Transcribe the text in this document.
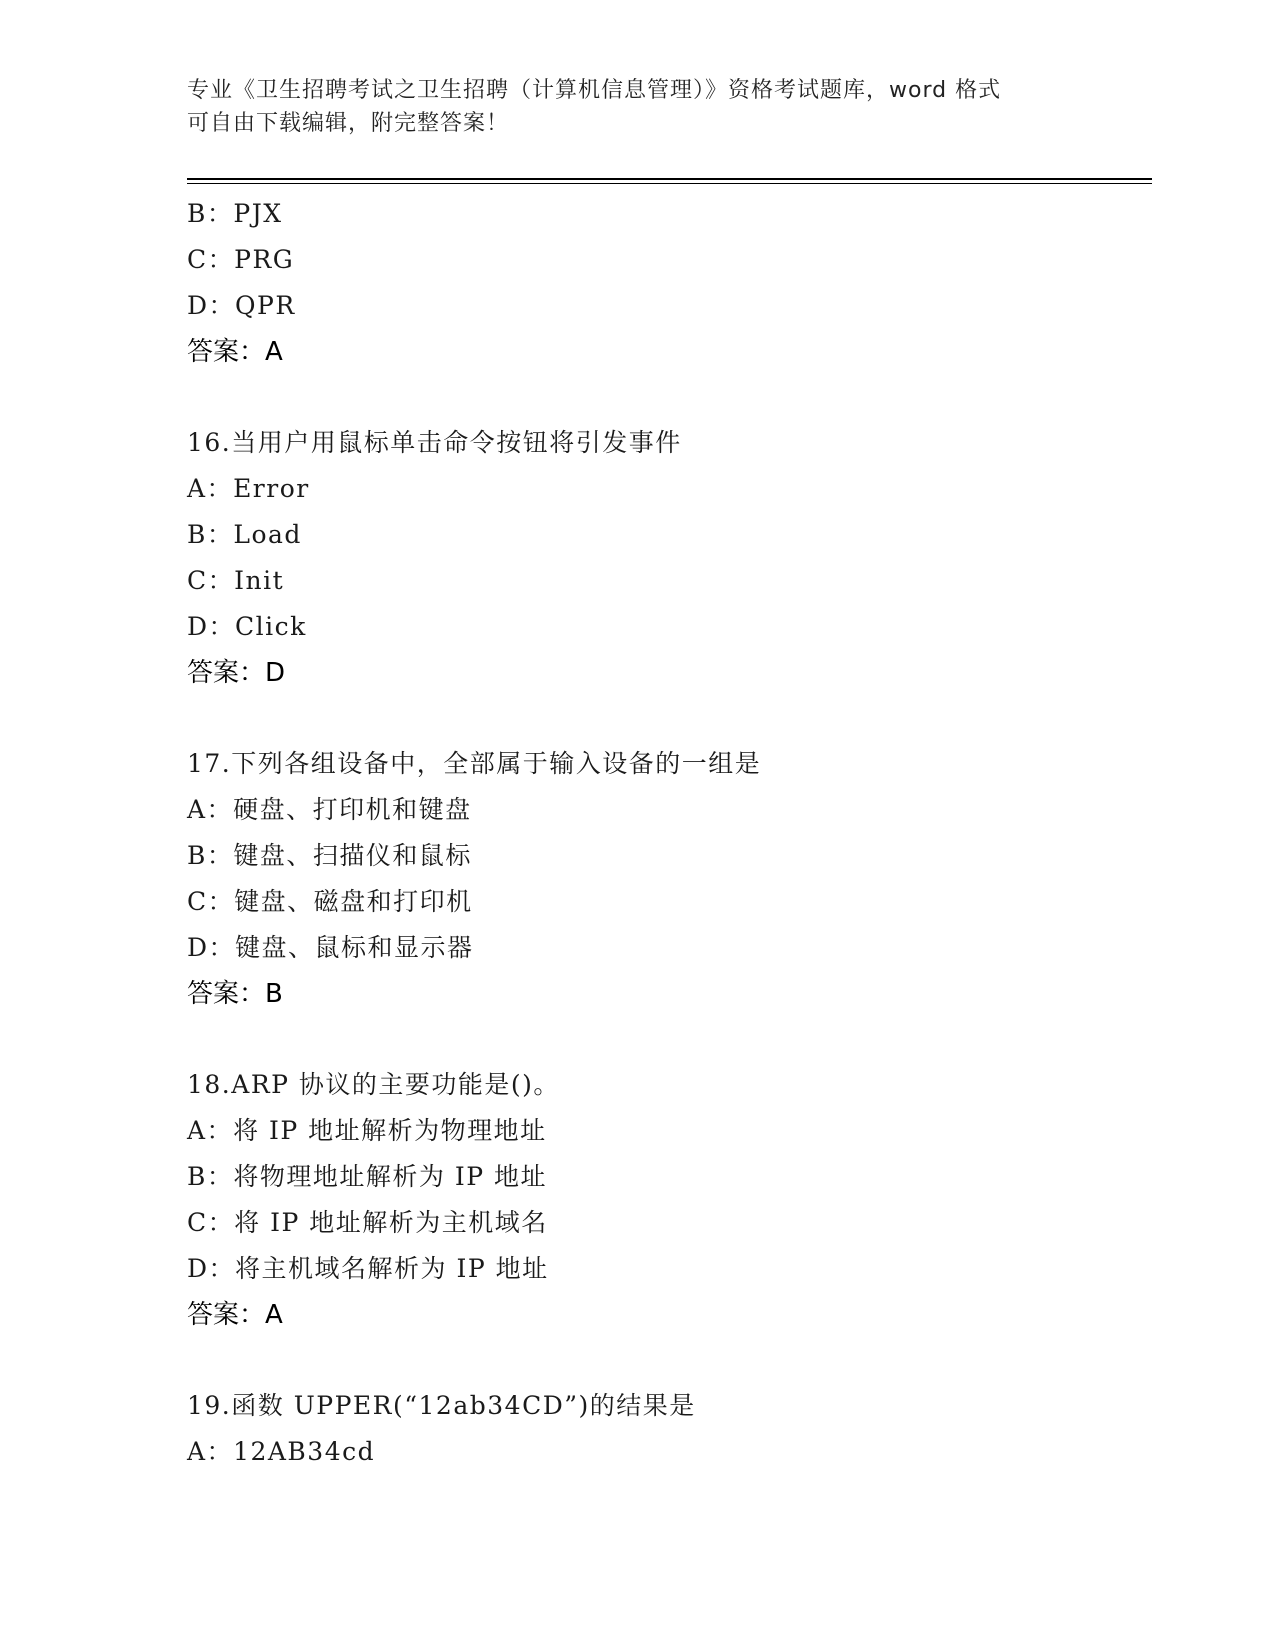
专业《卫生招聘考试之卫生招聘（计算机信息管理）》资格考试题库，word 格式
可自由下载编辑，附完整答案！
B：PJX
C：PRG
D：QPR
答案：A
16.当用户用鼠标单击命令按钮将引发事件
A：Error
B：Load
C：Init
D：Click
答案：D
17.下列各组设备中，全部属于输入设备的一组是
A：硬盘、打印机和键盘
B：键盘、扫描仪和鼠标
C：键盘、磁盘和打印机
D：键盘、鼠标和显示器
答案：B
18.ARP 协议的主要功能是()。
A：将 IP 地址解析为物理地址
B：将物理地址解析为 IP 地址
C：将 IP 地址解析为主机域名
D：将主机域名解析为 IP 地址
答案：A
19.函数 UPPER(“12ab34CD”)的结果是
A：12AB34cd
